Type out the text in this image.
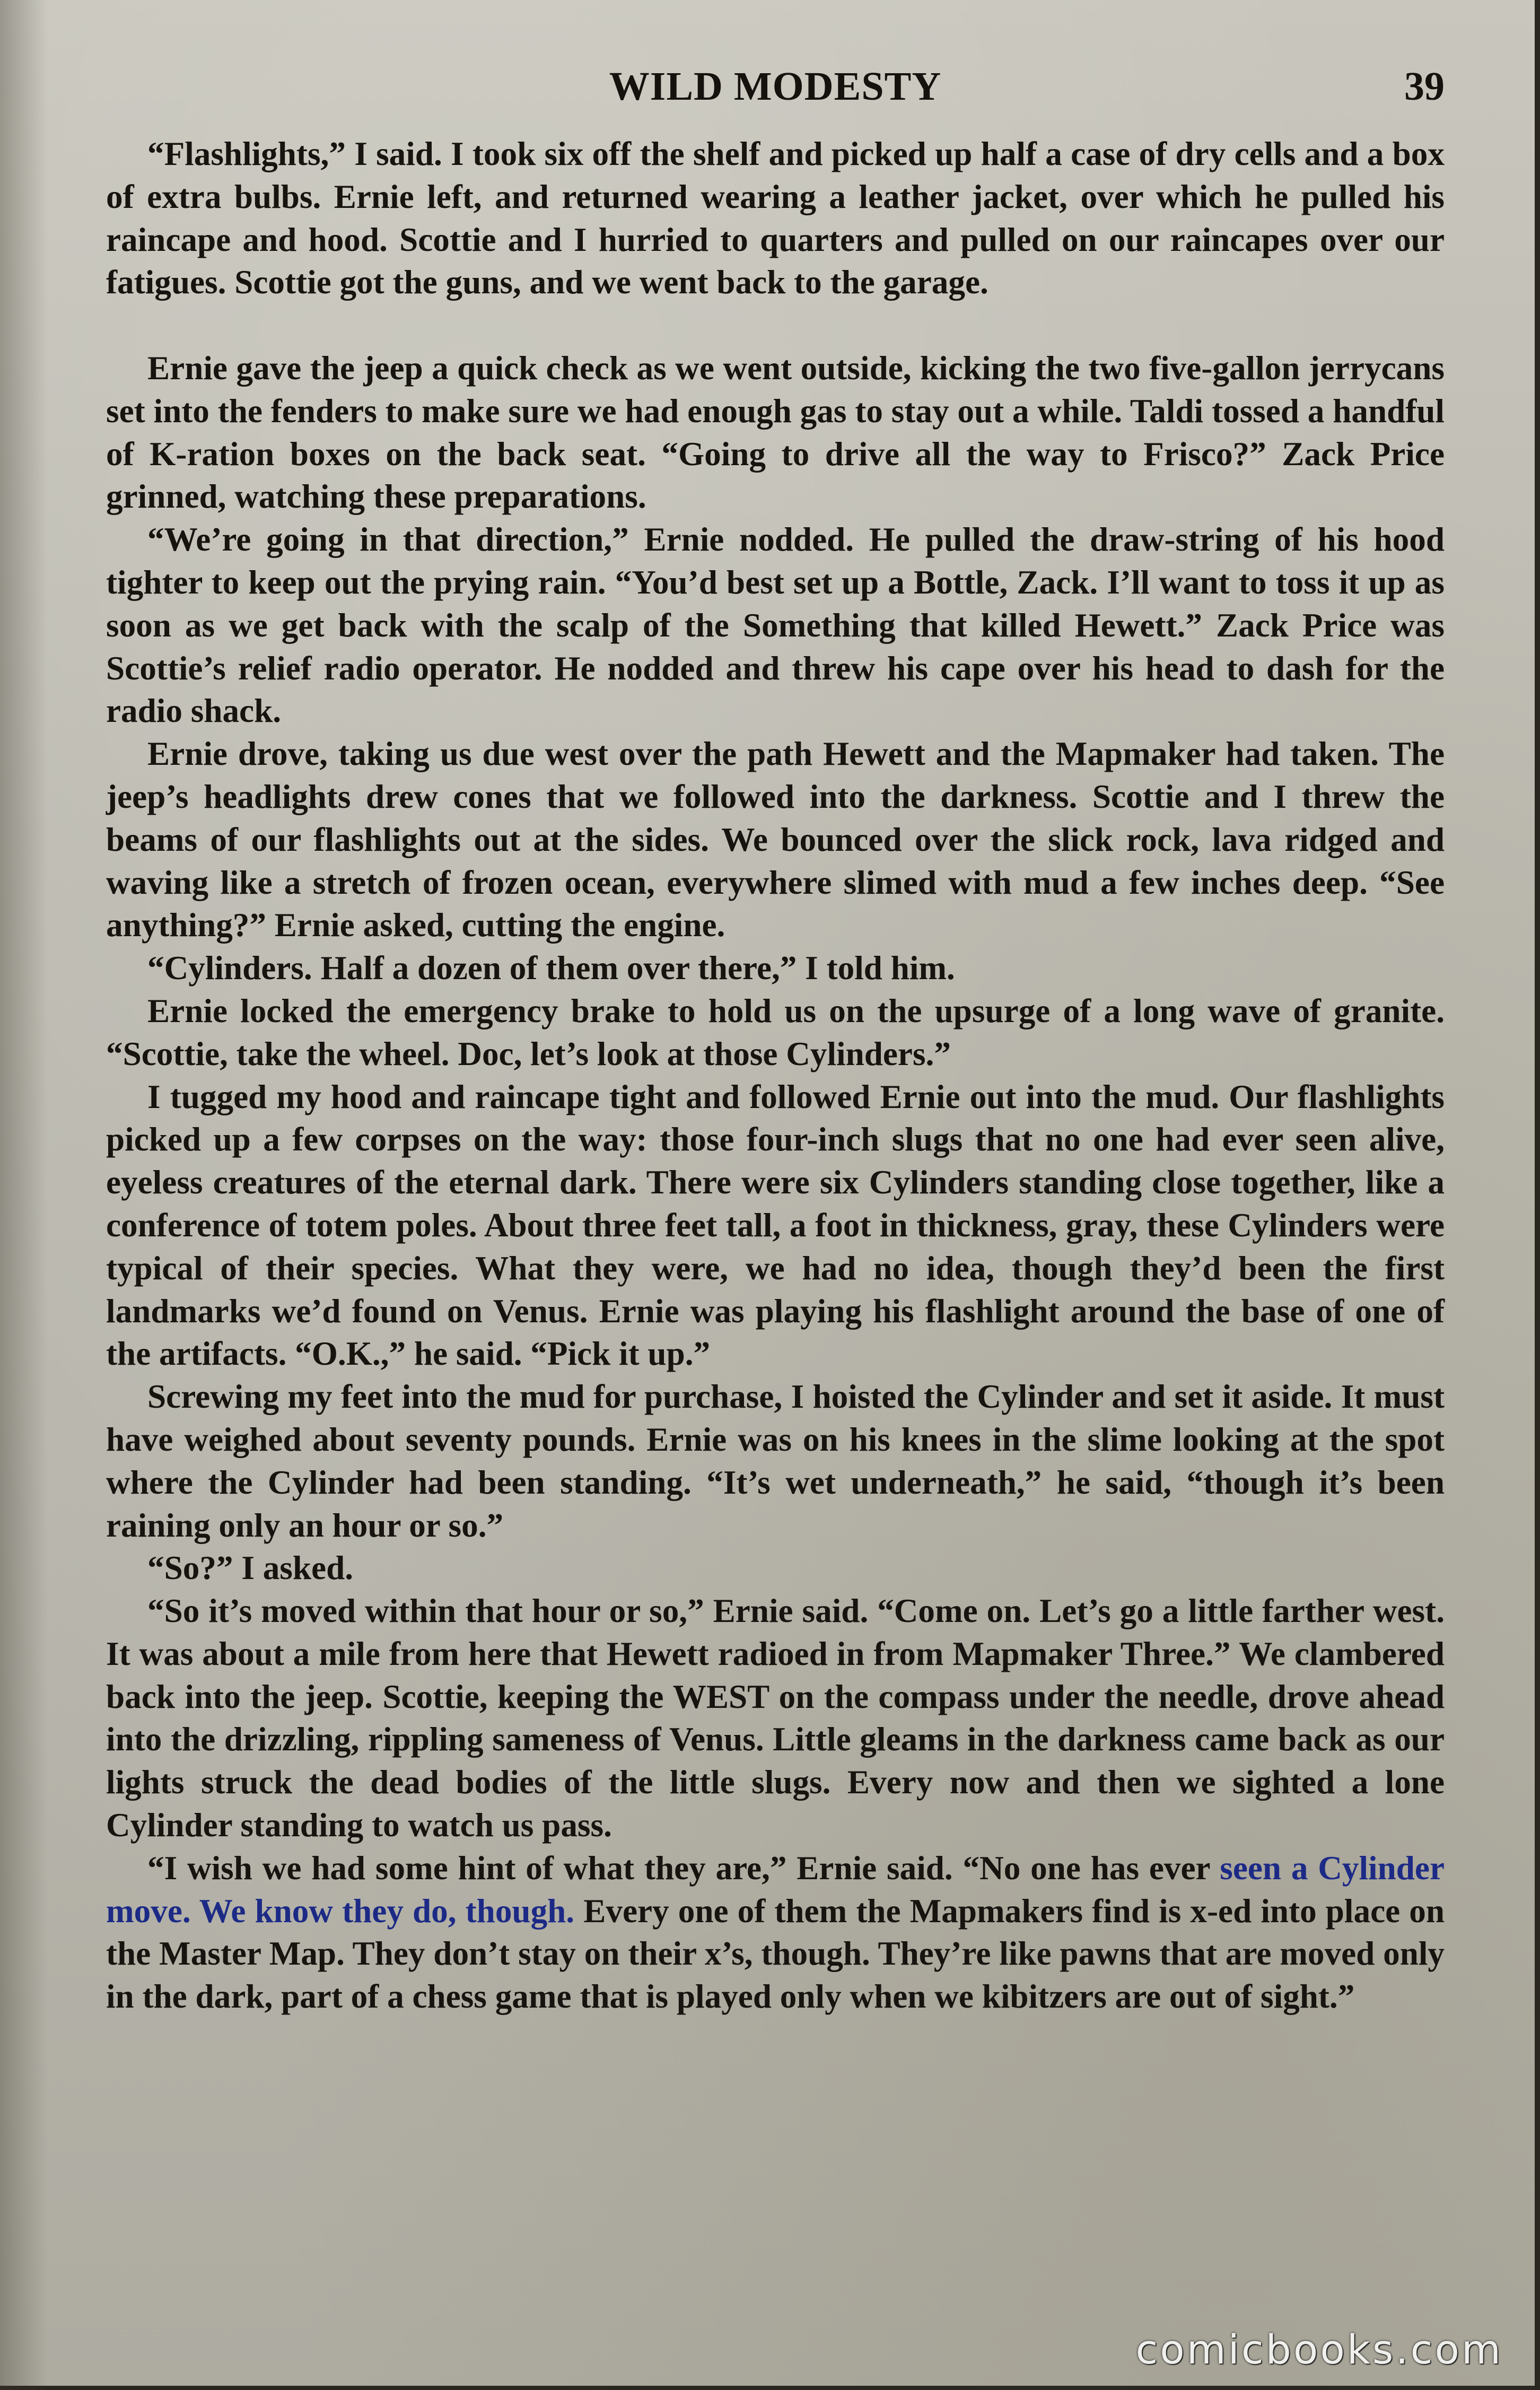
WILD MODESTY	39

“Flashlights,” I said. I took six off the shelf and picked up half a case of dry cells and a box of extra bulbs. Ernie left, and returned wearing a leather jacket, over which he pulled his raincape and hood. Scottie and I hurried to quarters and pulled on our raincapes over our fatigues. Scottie got the guns, and we went back to the garage.

Ernie gave the jeep a quick check as we went outside, kicking the two five-gallon jerrycans set into the fenders to make sure we had enough gas to stay out a while. Taldi tossed a handful of K-ration boxes on the back seat. “Going to drive all the way to Frisco?” Zack Price grinned, watching these preparations.

“We’re going in that direction,” Ernie nodded. He pulled the draw-string of his hood tighter to keep out the prying rain. “You’d best set up a Bottle, Zack. I’ll want to toss it up as soon as we get back with the scalp of the Something that killed Hewett.” Zack Price was Scottie’s relief radio operator. He nodded and threw his cape over his head to dash for the radio shack.

Ernie drove, taking us due west over the path Hewett and the Mapmaker had taken. The jeep’s headlights drew cones that we followed into the darkness. Scottie and I threw the beams of our flashlights out at the sides. We bounced over the slick rock, lava ridged and waving like a stretch of frozen ocean, everywhere slimed with mud a few inches deep. “See anything?” Ernie asked, cutting the engine.

“Cylinders. Half a dozen of them over there,” I told him.

Ernie locked the emergency brake to hold us on the upsurge of a long wave of granite. “Scottie, take the wheel. Doc, let’s look at those Cylinders.”

I tugged my hood and raincape tight and followed Ernie out into the mud. Our flashlights picked up a few corpses on the way: those four-inch slugs that no one had ever seen alive, eyeless creatures of the eternal dark. There were six Cylinders standing close together, like a conference of totem poles. About three feet tall, a foot in thickness, gray, these Cylinders were typical of their species. What they were, we had no idea, though they’d been the first landmarks we’d found on Venus. Ernie was playing his flashlight around the base of one of the artifacts. “O.K.,” he said. “Pick it up.”

Screwing my feet into the mud for purchase, I hoisted the Cylinder and set it aside. It must have weighed about seventy pounds. Ernie was on his knees in the slime looking at the spot where the Cylinder had been standing. “It’s wet underneath,” he said, “though it’s been raining only an hour or so.”

“So?” I asked.

“So it’s moved within that hour or so,” Ernie said. “Come on. Let’s go a little farther west. It was about a mile from here that Hewett radioed in from Mapmaker Three.” We clambered back into the jeep. Scottie, keeping the WEST on the compass under the needle, drove ahead into the drizzling, rippling sameness of Venus. Little gleams in the darkness came back as our lights struck the dead bodies of the little slugs. Every now and then we sighted a lone Cylinder standing to watch us pass.

“I wish we had some hint of what they are,” Ernie said. “No one has ever seen a Cylinder move. We know they do, though. Every one of them the Mapmakers find is x-ed into place on the Master Map. They don’t stay on their x’s, though. They’re like pawns that are moved only in the dark, part of a chess game that is played only when we kibitzers are out of sight.”

comicbooks.com
